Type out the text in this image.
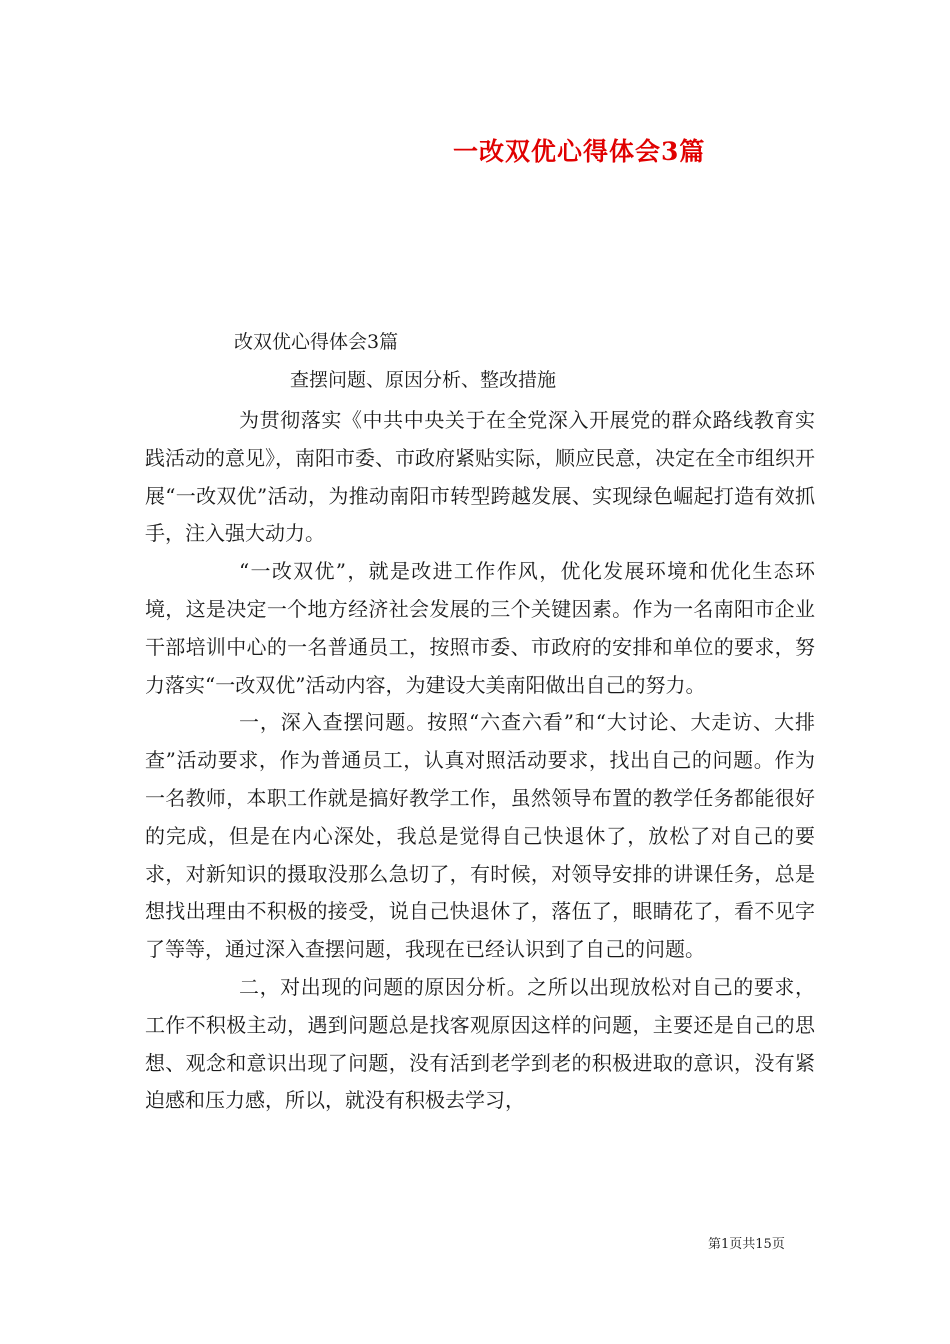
一改双优心得体会3篇
改双优心得体会3篇
查摆问题、原因分析、整改措施

为贯彻落实《中共中央关于在全党深入开展党的群众路线教育实践活动的意见》，南阳市委、市政府紧贴实际，顺应民意，决定在全市组织开展“一改双优”活动，为推动南阳市转型跨越发展、实现绿色崛起打造有效抓手，注入强大动力。

“一改双优”，就是改进工作作风，优化发展环境和优化生态环境，这是决定一个地方经济社会发展的三个关键因素。作为一名南阳市企业干部培训中心的一名普通员工，按照市委、市政府的安排和单位的要求，努力落实“一改双优”活动内容，为建设大美南阳做出自己的努力。

一，深入查摆问题。按照“六查六看”和“大讨论、大走访、大排查”活动要求，作为普通员工，认真对照活动要求，找出自己的问题。作为一名教师，本职工作就是搞好教学工作，虽然领导布置的教学任务都能很好的完成，但是在内心深处，我总是觉得自己快退休了，放松了对自己的要求，对新知识的摄取没那么急切了，有时候，对领导安排的讲课任务，总是想找出理由不积极的接受，说自己快退休了，落伍了，眼睛花了，看不见字了等等，通过深入查摆问题，我现在已经认识到了自己的问题。

二，对出现的问题的原因分析。之所以出现放松对自己的要求，工作不积极主动，遇到问题总是找客观原因这样的问题，主要还是自己的思想、观念和意识出现了问题，没有活到老学到老的积极进取的意识，没有紧迫感和压力感，所以，就没有积极去学习，

第1页共15页
